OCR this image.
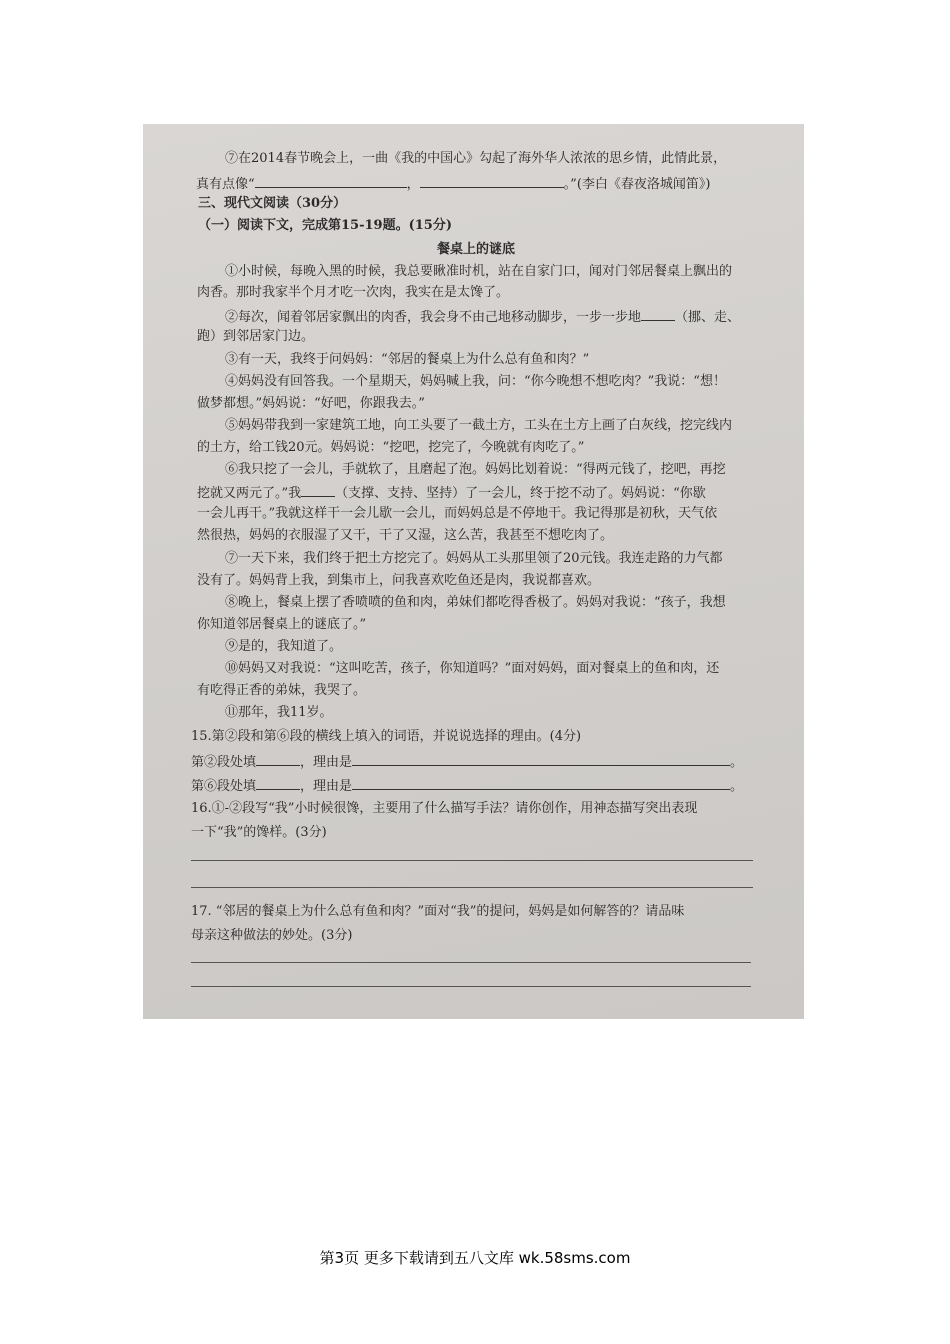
⑦在2014春节晚会上，一曲《我的中国心》勾起了海外华人浓浓的思乡情，此情此景，
真有点像“	，	。”(李白《春夜洛城闻笛》)
三、现代文阅读（30分）
（一）阅读下文，完成第15-19题。(15分)
餐桌上的谜底
①小时候，每晚入黑的时候，我总要瞅准时机，站在自家门口，闻对门邻居餐桌上飘出的
肉香。那时我家半个月才吃一次肉，我实在是太馋了。
②每次，闻着邻居家飘出的肉香，我会身不由己地移动脚步，一步一步地	（挪、走、
跑）到邻居家门边。
③有一天，我终于问妈妈：“邻居的餐桌上为什么总有鱼和肉？”
④妈妈没有回答我。一个星期天，妈妈喊上我，问：“你今晚想不想吃肉？”我说：“想！
做梦都想。”妈妈说：“好吧，你跟我去。”
⑤妈妈带我到一家建筑工地，向工头要了一截土方，工头在土方上画了白灰线，挖完线内
的土方，给工钱20元。妈妈说：“挖吧，挖完了，今晚就有肉吃了。”
⑥我只挖了一会儿，手就软了，且磨起了泡。妈妈比划着说：“得两元钱了，挖吧，再挖
挖就又两元了。”我	（支撑、支持、坚持）了一会儿，终于挖不动了。妈妈说：“你歇
一会儿再干。”我就这样干一会儿歇一会儿，而妈妈总是不停地干。我记得那是初秋，天气依
然很热，妈妈的衣服湿了又干，干了又湿，这么苦，我甚至不想吃肉了。
⑦一天下来，我们终于把土方挖完了。妈妈从工头那里领了20元钱。我连走路的力气都
没有了。妈妈背上我，到集市上，问我喜欢吃鱼还是肉，我说都喜欢。
⑧晚上，餐桌上摆了香喷喷的鱼和肉，弟妹们都吃得香极了。妈妈对我说：“孩子，我想
你知道邻居餐桌上的谜底了。”
⑨是的，我知道了。
⑩妈妈又对我说：“这叫吃苦，孩子，你知道吗？”面对妈妈，面对餐桌上的鱼和肉，还
有吃得正香的弟妹，我哭了。
⑪那年，我11岁。
15.第②段和第⑥段的横线上填入的词语，并说说选择的理由。(4分)
第②段处填	，理由是	。
第⑥段处填	，理由是	。
16.①-②段写“我”小时候很馋，主要用了什么描写手法？请你创作，用神态描写突出表现
一下“我”的馋样。(3分)
17. “邻居的餐桌上为什么总有鱼和肉？”面对“我”的提问，妈妈是如何解答的？请品味
母亲这种做法的妙处。(3分)
第3页 更多下载请到五八文库 wk.58sms.com
